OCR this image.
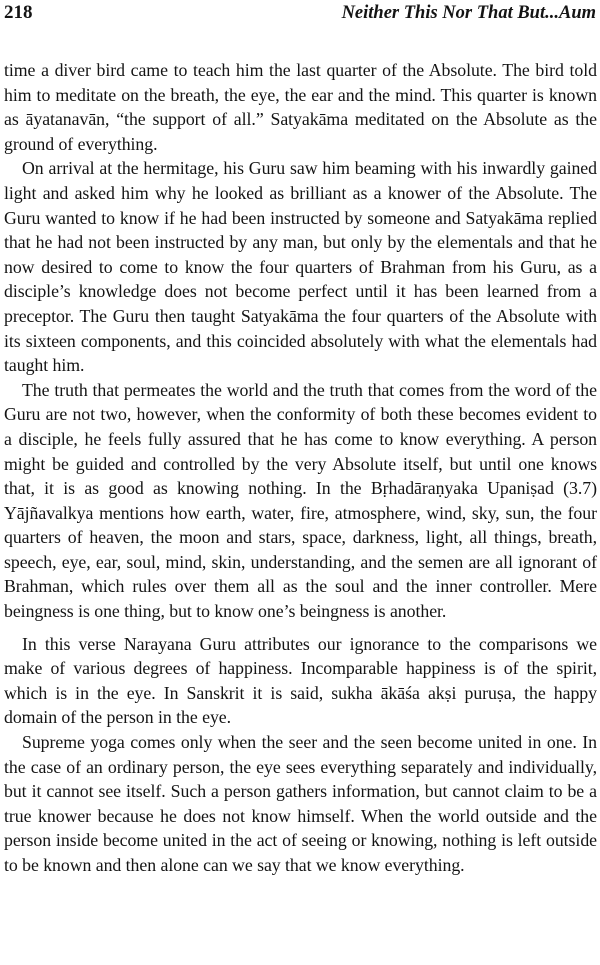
218	Neither This Nor That But...Aum

time a diver bird came to teach him the last quarter of the Absolute. The bird told him to meditate on the breath, the eye, the ear and the mind. This quarter is known as āyatanavān, “the support of all.” Satyakāma meditated on the Absolute as the ground of everything.

On arrival at the hermitage, his Guru saw him beaming with his inwardly gained light and asked him why he looked as brilliant as a knower of the Absolute. The Guru wanted to know if he had been instructed by someone and Satyakāma replied that he had not been instructed by any man, but only by the elementals and that he now desired to come to know the four quarters of Brahman from his Guru, as a disciple’s knowledge does not become perfect until it has been learned from a preceptor. The Guru then taught Satyakāma the four quarters of the Absolute with its sixteen components, and this coincided absolutely with what the elementals had taught him.

The truth that permeates the world and the truth that comes from the word of the Guru are not two, however, when the conformity of both these becomes evident to a disciple, he feels fully assured that he has come to know everything. A person might be guided and controlled by the very Absolute itself, but until one knows that, it is as good as knowing nothing. In the Bṛhadāraṇyaka Upaniṣad (3.7) Yājñavalkya mentions how earth, water, fire, atmosphere, wind, sky, sun, the four quarters of heaven, the moon and stars, space, darkness, light, all things, breath, speech, eye, ear, soul, mind, skin, understanding, and the semen are all ignorant of Brahman, which rules over them all as the soul and the inner controller. Mere beingness is one thing, but to know one’s beingness is another.

In this verse Narayana Guru attributes our ignorance to the comparisons we make of various degrees of happiness. Incomparable happiness is of the spirit, which is in the eye. In Sanskrit it is said, sukha ākāśa akṣi puruṣa, the happy domain of the person in the eye.

Supreme yoga comes only when the seer and the seen become united in one. In the case of an ordinary person, the eye sees everything separately and individually, but it cannot see itself. Such a person gathers information, but cannot claim to be a true knower because he does not know himself. When the world outside and the person inside become united in the act of seeing or knowing, nothing is left outside to be known and then alone can we say that we know everything.
